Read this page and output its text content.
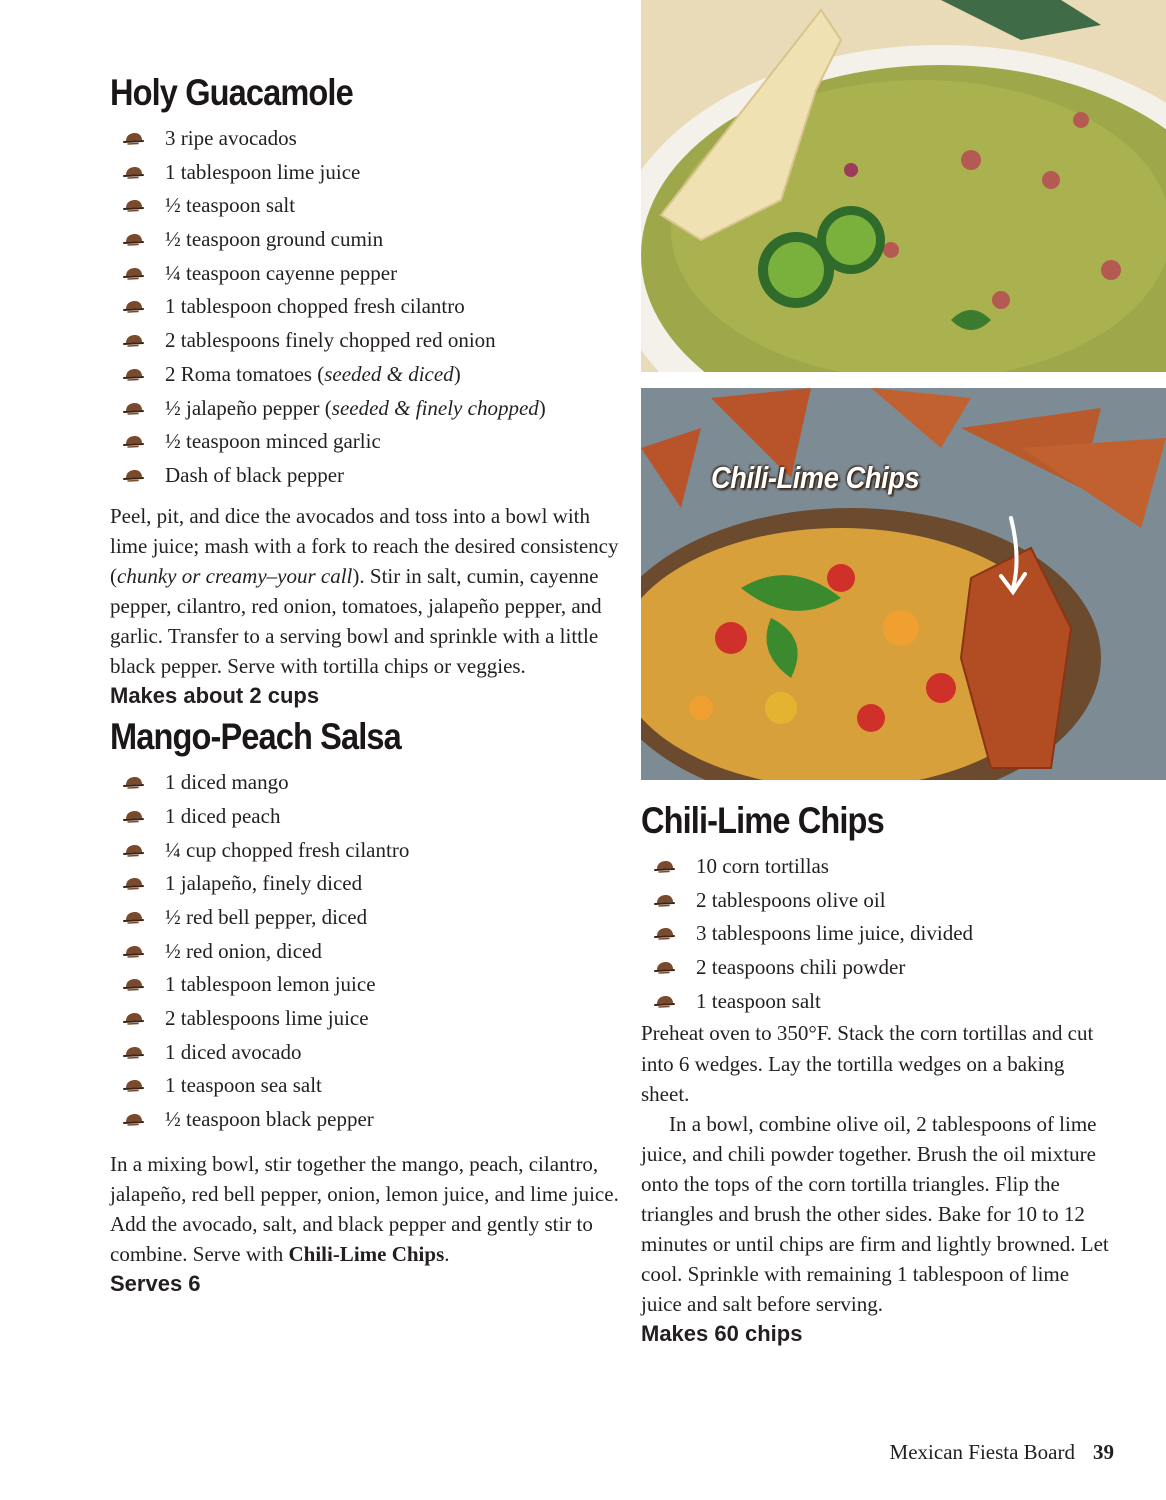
Holy Guacamole
3 ripe avocados
1 tablespoon lime juice
½ teaspoon salt
½ teaspoon ground cumin
¼ teaspoon cayenne pepper
1 tablespoon chopped fresh cilantro
2 tablespoons finely chopped red onion
2 Roma tomatoes (seeded & diced)
½ jalapeño pepper (seeded & finely chopped)
½ teaspoon minced garlic
Dash of black pepper

Peel, pit, and dice the avocados and toss into a bowl with lime juice; mash with a fork to reach the desired consistency (chunky or creamy–your call). Stir in salt, cumin, cayenne pepper, cilantro, red onion, tomatoes, jalapeño pepper, and garlic. Transfer to a serving bowl and sprinkle with a little black pepper. Serve with tortilla chips or veggies.

Makes about 2 cups

Mango-Peach Salsa
1 diced mango
1 diced peach
¼ cup chopped fresh cilantro
1 jalapeño, finely diced
½ red bell pepper, diced
½ red onion, diced
1 tablespoon lemon juice
2 tablespoons lime juice
1 diced avocado
1 teaspoon sea salt
½ teaspoon black pepper

In a mixing bowl, stir together the mango, peach, cilantro, jalapeño, red bell pepper, onion, lemon juice, and lime juice. Add the avocado, salt, and black pepper and gently stir to combine. Serve with Chili-Lime Chips.

Serves 6

Chili-Lime Chips
Chili-Lime Chips
10 corn tortillas
2 tablespoons olive oil
3 tablespoons lime juice, divided
2 teaspoons chili powder
1 teaspoon salt

Preheat oven to 350°F. Stack the corn tortillas and cut into 6 wedges. Lay the tortilla wedges on a baking sheet.

In a bowl, combine olive oil, 2 tablespoons of lime juice, and chili powder together. Brush the oil mixture onto the tops of the corn tortilla triangles. Flip the triangles and brush the other sides. Bake for 10 to 12 minutes or until chips are firm and lightly browned. Let cool. Sprinkle with remaining 1 tablespoon of lime juice and salt before serving.

Makes 60 chips

Mexican Fiesta Board 39
